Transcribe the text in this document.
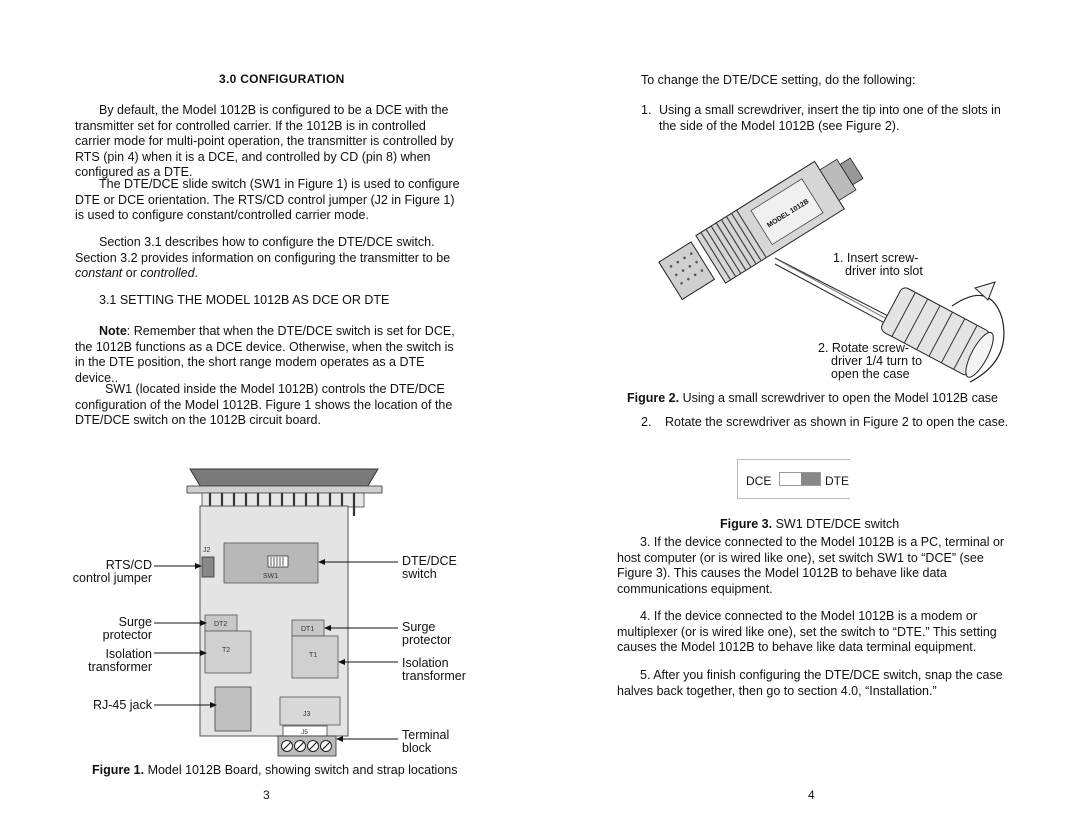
3.0 CONFIGURATION
By default, the Model 1012B is configured to be a DCE with the transmitter set for controlled carrier. If the 1012B is in controlled carrier mode for multi-point operation, the transmitter is controlled by RTS (pin 4) when it is a DCE, and controlled by CD (pin 8) when configured as a DTE.
The DTE/DCE slide switch (SW1 in Figure 1) is used to configure DTE or DCE orientation. The RTS/CD control jumper (J2 in Figure 1) is used to configure constant/controlled carrier mode.
Section 3.1 describes how to configure the DTE/DCE switch. Section 3.2 provides information on configuring the transmitter to be constant or controlled.
3.1 SETTING THE MODEL 1012B AS DCE OR DTE
Note: Remember that when the DTE/DCE switch is set for DCE, the 1012B functions as a DCE device. Otherwise, when the switch is in the DTE position, the short range modem operates as a DTE device..
SW1 (located inside the Model 1012B) controls the DTE/DCE configuration of the Model 1012B. Figure 1 shows the location of the DTE/DCE switch on the 1012B circuit board.
SW1
J2
DT2
T2
DT1
T1
J3
J5
RTS/CD
control jumper
Surge
protector
Isolation
transformer
RJ-45 jack
DTE/DCE
switch
Surge
protector
Isolation
transformer
Terminal
block
Figure 1. Model 1012B Board, showing switch and strap locations
3
To change the DTE/DCE setting, do the following:
1. Using a small screwdriver, insert the tip into one of the slots in the side of the Model 1012B (see Figure 2).
MODEL 1012B
1. Insert screw-
driver into slot
2. Rotate screw-
driver 1/4 turn to
open the case
Figure 2. Using a small screwdriver to open the Model 1012B case
2. Rotate the screwdriver as shown in Figure 2 to open the case.
DCE	DTE
Figure 3. SW1 DTE/DCE switch
3. If the device connected to the Model 1012B is a PC, terminal or host computer (or is wired like one), set switch SW1 to “DCE” (see Figure 3). This causes the Model 1012B to behave like data communications equipment.
4. If the device connected to the Model 1012B is a modem or multiplexer (or is wired like one), set the switch to “DTE.” This setting causes the Model 1012B to behave like data terminal equipment.
5. After you finish configuring the DTE/DCE switch, snap the case halves back together, then go to section 4.0, “Installation.”
4
